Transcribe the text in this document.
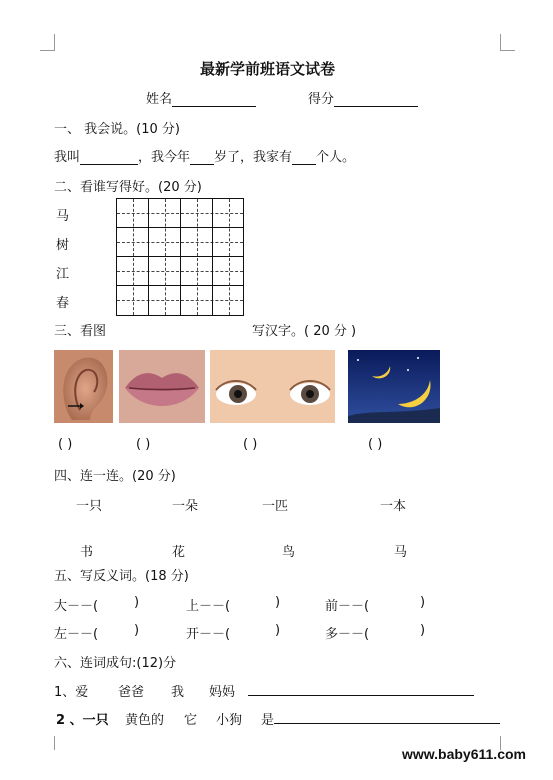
最新学前班语文试卷
姓名	得分
一、 我会说。(10 分)
我叫	，我今年 岁了，我家有 个人。
二、看谁写得好。(20 分)
马
树
江
春
三、看图	写汉字。( 20 分 )
( )	( )	( )	( )
四、连一连。(20 分)
一只	一朵	一匹	一本
书	花	鸟	马
五、写反义词。(18 分)
大－－(	)	上－－(	)	前－－(	)
左－－(	)	开－－(	)	多－－(	)
六、连词成句:(12)分
1、爱 爸爸 我 妈妈
2 、一只 黄色的 它 小狗 是
www.baby611.com
